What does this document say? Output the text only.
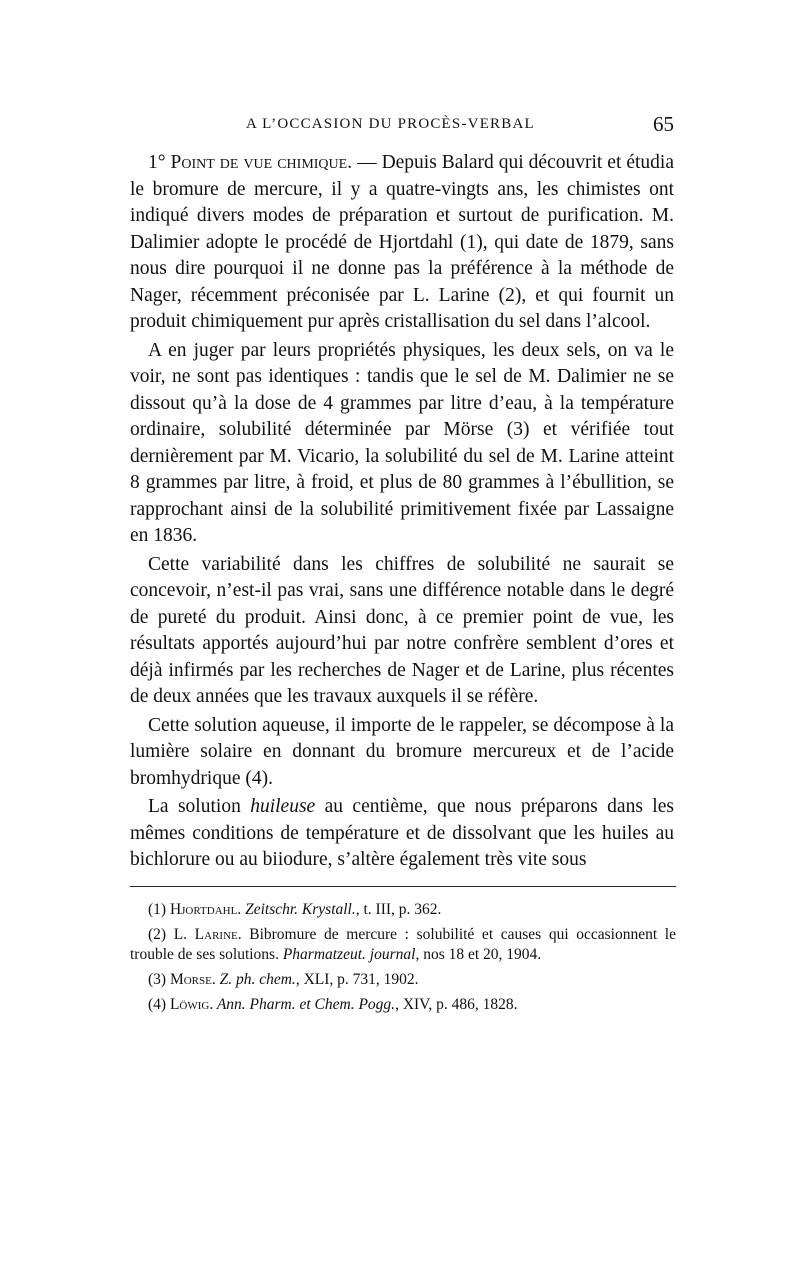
A L’OCCASION DU PROCÈS-VERBAL	65

1° Point de vue chimique. — Depuis Balard qui découvrit et étudia le bromure de mercure, il y a quatre-vingts ans, les chimistes ont indiqué divers modes de préparation et surtout de purification. M. Dalimier adopte le procédé de Hjortdahl (1), qui date de 1879, sans nous dire pourquoi il ne donne pas la préférence à la méthode de Nager, récemment préconisée par L. Larine (2), et qui fournit un produit chimiquement pur après cristallisation du sel dans l’alcool.

A en juger par leurs propriétés physiques, les deux sels, on va le voir, ne sont pas identiques : tandis que le sel de M. Dalimier ne se dissout qu’à la dose de 4 grammes par litre d’eau, à la température ordinaire, solubilité déterminée par Mörse (3) et vérifiée tout dernièrement par M. Vicario, la solubilité du sel de M. Larine atteint 8 grammes par litre, à froid, et plus de 80 grammes à l’ébullition, se rapprochant ainsi de la solubilité primitivement fixée par Lassaigne en 1836.

Cette variabilité dans les chiffres de solubilité ne saurait se concevoir, n’est-il pas vrai, sans une différence notable dans le degré de pureté du produit. Ainsi donc, à ce premier point de vue, les résultats apportés aujourd’hui par notre confrère semblent d’ores et déjà infirmés par les recherches de Nager et de Larine, plus récentes de deux années que les travaux auxquels il se réfère.

Cette solution aqueuse, il importe de le rappeler, se décompose à la lumière solaire en donnant du bromure mercureux et de l’acide bromhydrique (4).

La solution huileuse au centième, que nous préparons dans les mêmes conditions de température et de dissolvant que les huiles au bichlorure ou au biiodure, s’altère également très vite sous

(1) Hjortdahl. Zeitschr. Krystall., t. III, p. 362.

(2) L. Larine. Bibromure de mercure : solubilité et causes qui occasionnent le trouble de ses solutions. Pharmatzeut. journal, nos 18 et 20, 1904.

(3) Morse. Z. ph. chem., XLI, p. 731, 1902.

(4) Löwig. Ann. Pharm. et Chem. Pogg., XIV, p. 486, 1828.
